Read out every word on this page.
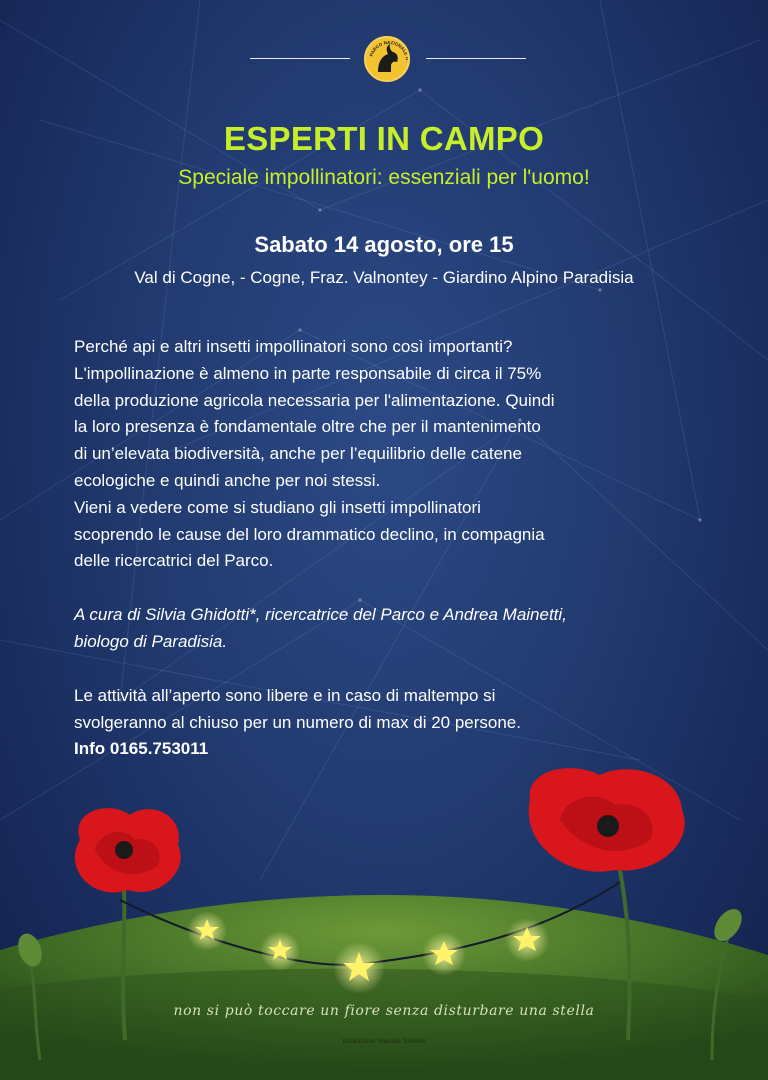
PARCO NAZIONALE G
ESPERTI IN CAMPO
Speciale impollinatori: essenziali per l'uomo!
Sabato 14 agosto, ore 15
Val di Cogne, - Cogne, Fraz. Valnontey - Giardino Alpino Paradisia

Perché api e altri insetti impollinatori sono così importanti?

L'impollinazione è almeno in parte responsabile di circa il 75%

della produzione agricola necessaria per l'alimentazione. Quindi

la loro presenza è fondamentale oltre che per il mantenimento

di un’elevata biodiversità, anche per l’equilibrio delle catene

ecologiche e quindi anche per noi stessi.

Vieni a vedere come si studiano gli insetti impollinatori

scoprendo le cause del loro drammatico declino, in compagnia

delle ricercatrici del Parco.

A cura di Silvia Ghidotti*, ricercatrice del Parco e Andrea Mainetti,

biologo di Paradisia.

Le attività all’aperto sono libere e in caso di maltempo si

svolgeranno al chiuso per un numero di max di 20 persone.

Info 0165.753011

non si può toccare un fiore senza disturbare una stella
Illustrazione: Marcella Tortorelli
